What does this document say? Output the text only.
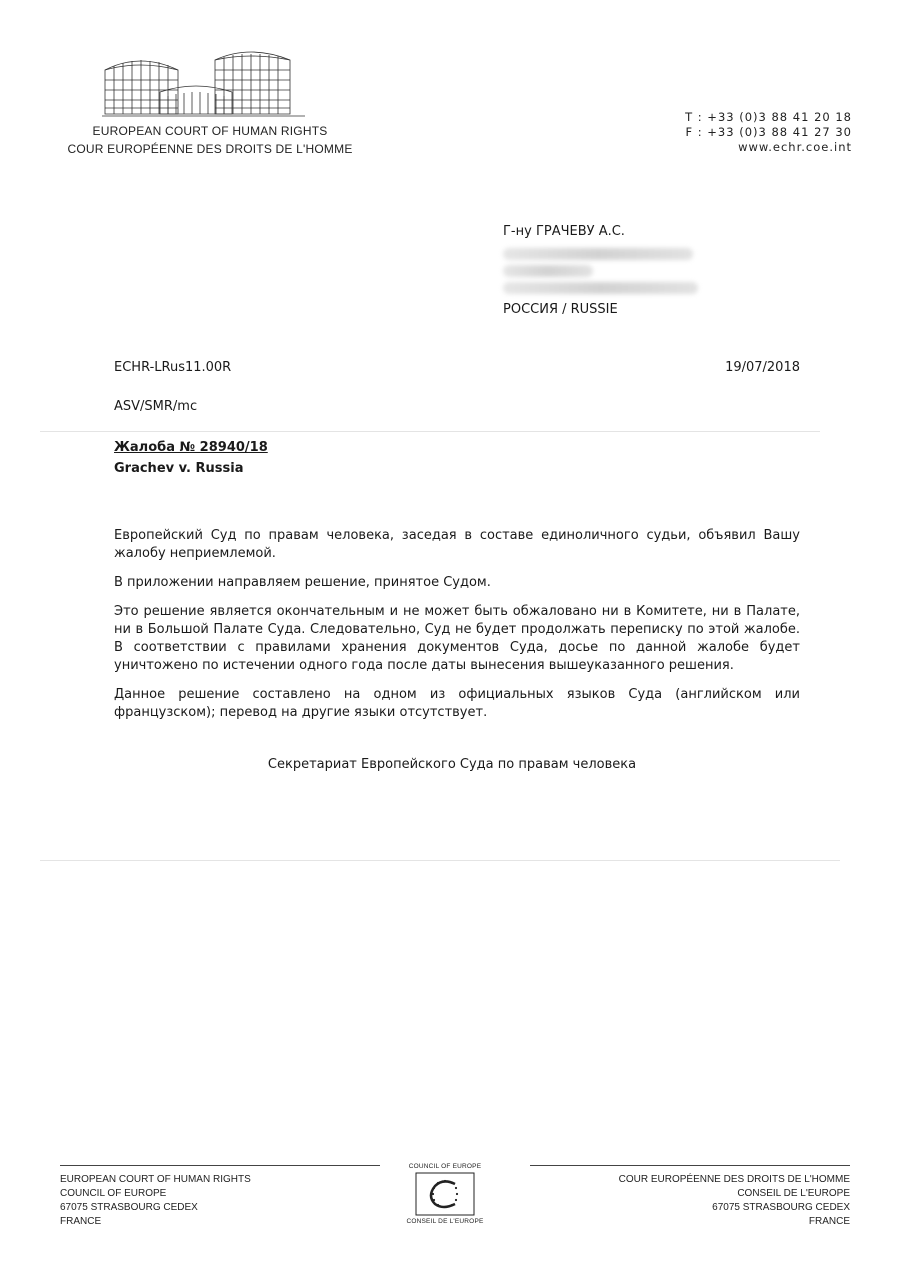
EUROPEAN COURT OF HUMAN RIGHTS
COUR EUROPÉENNE DES DROITS DE L'HOMME
T : +33 (0)3 88 41 20 18
F : +33 (0)3 88 41 27 30
www.echr.coe.int
Г-ну ГРАЧЕВУ А.С.
РОССИЯ / RUSSIE
ECHR-LRus11.00R	19/07/2018
ASV/SMR/mc
Жалоба № 28940/18
Grachev v. Russia

Европейский Суд по правам человека, заседая в составе единоличного судьи, объявил Вашу жалобу неприемлемой.

В приложении направляем решение, принятое Судом.

Это решение является окончательным и не может быть обжаловано ни в Комитете, ни в Палате, ни в Большой Палате Суда. Следовательно, Суд не будет продолжать переписку по этой жалобе. В соответствии с правилами хранения документов Суда, досье по данной жалобе будет уничтожено по истечении одного года после даты вынесения вышеуказанного решения.

Данное решение составлено на одном из официальных языков Суда (английском или французском); перевод на другие языки отсутствует.

Секретариат Европейского Суда по правам человека
EUROPEAN COURT OF HUMAN RIGHTS
COUNCIL OF EUROPE
67075 STRASBOURG CEDEX
FRANCE
COUNCIL OF EUROPE
CONSEIL DE L'EUROPE
COUR EUROPÉENNE DES DROITS DE L'HOMME
CONSEIL DE L'EUROPE
67075 STRASBOURG CEDEX
FRANCE
